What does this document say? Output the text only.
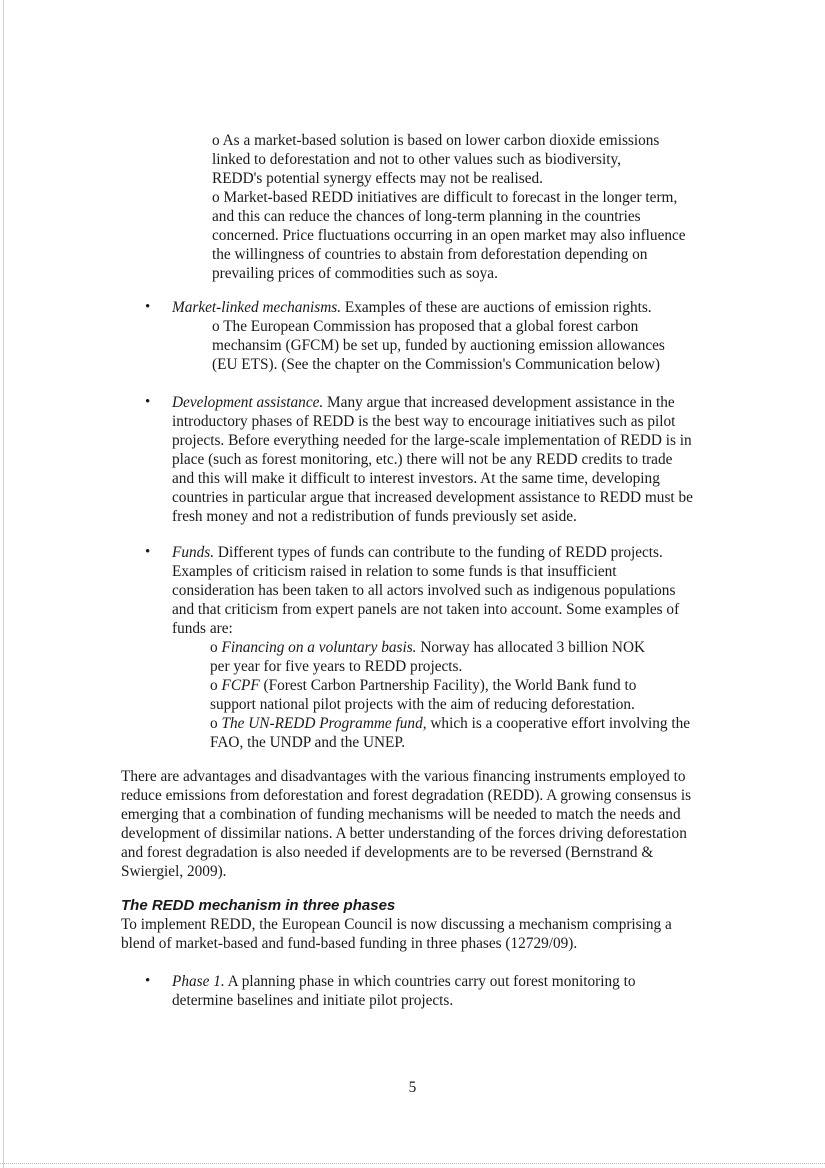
o As a market-based solution is based on lower carbon dioxide emissions
linked to deforestation and not to other values such as biodiversity,
REDD's potential synergy effects may not be realised.
o Market-based REDD initiatives are difficult to forecast in the longer term,
and this can reduce the chances of long-term planning in the countries
concerned. Price fluctuations occurring in an open market may also influence
the willingness of countries to abstain from deforestation depending on
prevailing prices of commodities such as soya.
• Market-linked mechanisms. Examples of these are auctions of emission rights.
o The European Commission has proposed that a global forest carbon
mechansim (GFCM) be set up, funded by auctioning emission allowances
(EU ETS). (See the chapter on the Commission's Communication below)
• Development assistance. Many argue that increased development assistance in the
introductory phases of REDD is the best way to encourage initiatives such as pilot
projects. Before everything needed for the large-scale implementation of REDD is in
place (such as forest monitoring, etc.) there will not be any REDD credits to trade
and this will make it difficult to interest investors. At the same time, developing
countries in particular argue that increased development assistance to REDD must be
fresh money and not a redistribution of funds previously set aside.
• Funds. Different types of funds can contribute to the funding of REDD projects.
Examples of criticism raised in relation to some funds is that insufficient
consideration has been taken to all actors involved such as indigenous populations
and that criticism from expert panels are not taken into account. Some examples of
funds are:
o Financing on a voluntary basis. Norway has allocated 3 billion NOK
per year for five years to REDD projects.
o FCPF (Forest Carbon Partnership Facility), the World Bank fund to
support national pilot projects with the aim of reducing deforestation.
o The UN-REDD Programme fund, which is a cooperative effort involving the
FAO, the UNDP and the UNEP.
There are advantages and disadvantages with the various financing instruments employed to
reduce emissions from deforestation and forest degradation (REDD). A growing consensus is
emerging that a combination of funding mechanisms will be needed to match the needs and
development of dissimilar nations. A better understanding of the forces driving deforestation
and forest degradation is also needed if developments are to be reversed (Bernstrand &
Swiergiel, 2009).
The REDD mechanism in three phases
To implement REDD, the European Council is now discussing a mechanism comprising a
blend of market-based and fund-based funding in three phases (12729/09).
• Phase 1. A planning phase in which countries carry out forest monitoring to
determine baselines and initiate pilot projects.
5
